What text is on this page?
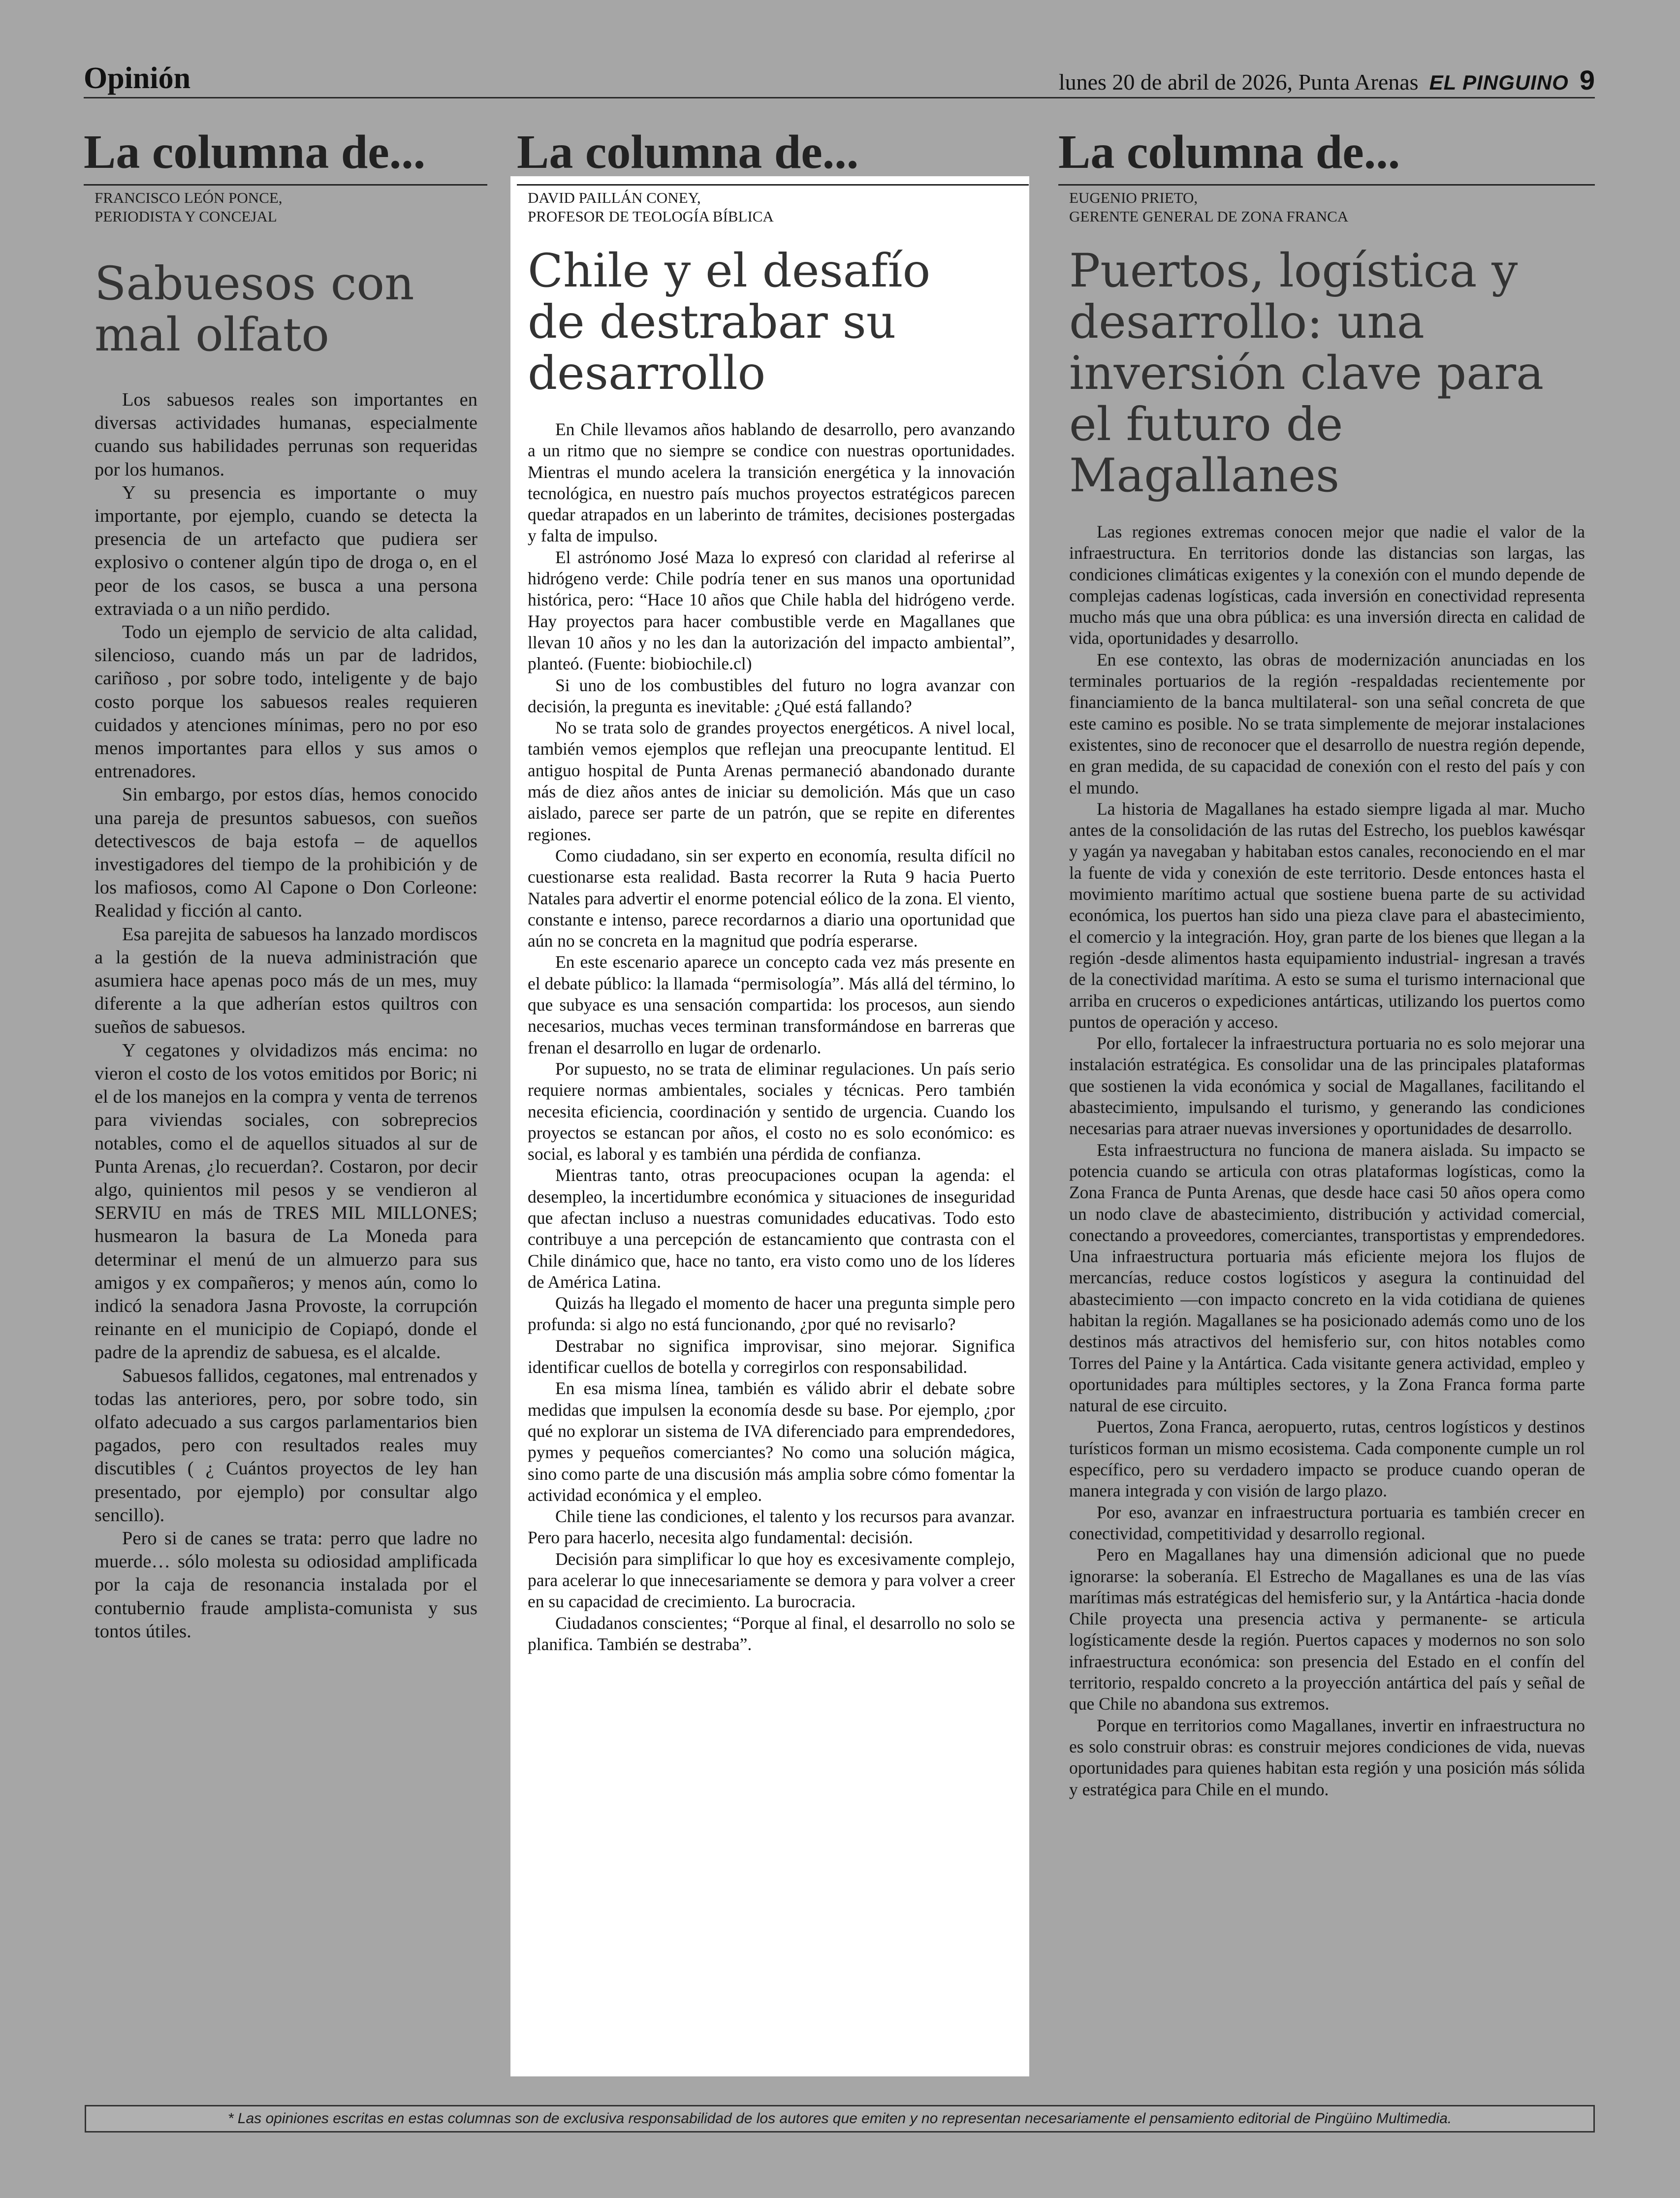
Opinión	lunes 20 de abril de 2026, Punta Arenas EL PINGUINO 9
La columna de...
FRANCISCO LEÓN PONCE,
PERIODISTA Y CONCEJAL
Sabuesos con mal olfato

Los sabuesos reales son importantes en diversas actividades humanas, especialmente cuando sus habilidades perrunas son requeridas por los humanos.

Y su presencia es importante o muy importante, por ejemplo, cuando se detecta la presencia de un artefacto que pudiera ser explosivo o contener algún tipo de droga o, en el peor de los casos, se busca a una persona extraviada o a un niño perdido.

Todo un ejemplo de servicio de alta calidad, silencioso, cuando más un par de ladridos, cariñoso , por sobre todo, inteligente y de bajo costo porque los sabuesos reales requieren cuidados y atenciones mínimas, pero no por eso menos importantes para ellos y sus amos o entrenadores.

Sin embargo, por estos días, hemos conocido una pareja de presuntos sabuesos, con sueños detectivescos de baja estofa – de aquellos investigadores del tiempo de la prohibición y de los mafiosos, como Al Capone o Don Corleone: Realidad y ficción al canto.

Esa parejita de sabuesos ha lanzado mordiscos a la gestión de la nueva administración que asumiera hace apenas poco más de un mes, muy diferente a la que adherían estos quiltros con sueños de sabuesos.

Y cegatones y olvidadizos más encima: no vieron el costo de los votos emitidos por Boric; ni el de los manejos en la compra y venta de terrenos para viviendas sociales, con sobreprecios notables, como el de aquellos situados al sur de Punta Arenas, ¿lo recuerdan?. Costaron, por decir algo, quinientos mil pesos y se vendieron al SERVIU en más de TRES MIL MILLONES; husmearon la basura de La Moneda para determinar el menú de un almuerzo para sus amigos y ex compañeros; y menos aún, como lo indicó la senadora Jasna Provoste, la corrupción reinante en el municipio de Copiapó, donde el padre de la aprendiz de sabuesa, es el alcalde.

Sabuesos fallidos, cegatones, mal entrenados y todas las anteriores, pero, por sobre todo, sin olfato adecuado a sus cargos parlamentarios bien pagados, pero con resultados reales muy discutibles ( ¿ Cuántos proyectos de ley han presentado, por ejemplo) por consultar algo sencillo).

Pero si de canes se trata: perro que ladre no muerde… sólo molesta su odiosidad amplificada por la caja de resonancia instalada por el contubernio fraude amplista-comunista y sus tontos útiles.

La columna de...
DAVID PAILLÁN CONEY,
PROFESOR DE TEOLOGÍA BÍBLICA
Chile y el desafío de destrabar su desarrollo

En Chile llevamos años hablando de desarrollo, pero avanzando a un ritmo que no siempre se condice con nuestras oportunidades. Mientras el mundo acelera la transición energética y la innovación tecnológica, en nuestro país muchos proyectos estratégicos parecen quedar atrapados en un laberinto de trámites, decisiones postergadas y falta de impulso.

El astrónomo José Maza lo expresó con claridad al referirse al hidrógeno verde: Chile podría tener en sus manos una oportunidad histórica, pero: “Hace 10 años que Chile habla del hidrógeno verde. Hay proyectos para hacer combustible verde en Magallanes que llevan 10 años y no les dan la autorización del impacto ambiental”, planteó. (Fuente: biobiochile.cl)

Si uno de los combustibles del futuro no logra avanzar con decisión, la pregunta es inevitable: ¿Qué está fallando?

No se trata solo de grandes proyectos energéticos. A nivel local, también vemos ejemplos que reflejan una preocupante lentitud. El antiguo hospital de Punta Arenas permaneció abandonado durante más de diez años antes de iniciar su demolición. Más que un caso aislado, parece ser parte de un patrón, que se repite en diferentes regiones.

Como ciudadano, sin ser experto en economía, resulta difícil no cuestionarse esta realidad. Basta recorrer la Ruta 9 hacia Puerto Natales para advertir el enorme potencial eólico de la zona. El viento, constante e intenso, parece recordarnos a diario una oportunidad que aún no se concreta en la magnitud que podría esperarse.

En este escenario aparece un concepto cada vez más presente en el debate público: la llamada “permisología”. Más allá del término, lo que subyace es una sensación compartida: los procesos, aun siendo necesarios, muchas veces terminan transformándose en barreras que frenan el desarrollo en lugar de ordenarlo.

Por supuesto, no se trata de eliminar regulaciones. Un país serio requiere normas ambientales, sociales y técnicas. Pero también necesita eficiencia, coordinación y sentido de urgencia. Cuando los proyectos se estancan por años, el costo no es solo económico: es social, es laboral y es también una pérdida de confianza.

Mientras tanto, otras preocupaciones ocupan la agenda: el desempleo, la incertidumbre económica y situaciones de inseguridad que afectan incluso a nuestras comunidades educativas. Todo esto contribuye a una percepción de estancamiento que contrasta con el Chile dinámico que, hace no tanto, era visto como uno de los líderes de América Latina.

Quizás ha llegado el momento de hacer una pregunta simple pero profunda: si algo no está funcionando, ¿por qué no revisarlo?

Destrabar no significa improvisar, sino mejorar. Significa identificar cuellos de botella y corregirlos con responsabilidad.

En esa misma línea, también es válido abrir el debate sobre medidas que impulsen la economía desde su base. Por ejemplo, ¿por qué no explorar un sistema de IVA diferenciado para emprendedores, pymes y pequeños comerciantes? No como una solución mágica, sino como parte de una discusión más amplia sobre cómo fomentar la actividad económica y el empleo.

Chile tiene las condiciones, el talento y los recursos para avanzar. Pero para hacerlo, necesita algo fundamental: decisión.

Decisión para simplificar lo que hoy es excesivamente complejo, para acelerar lo que innecesariamente se demora y para volver a creer en su capacidad de crecimiento. La burocracia.

Ciudadanos conscientes; “Porque al final, el desarrollo no solo se planifica. También se destraba”.

La columna de...
EUGENIO PRIETO,
GERENTE GENERAL DE ZONA FRANCA
Puertos, logística y desarrollo: una inversión clave para el futuro de Magallanes

Las regiones extremas conocen mejor que nadie el valor de la infraestructura. En territorios donde las distancias son largas, las condiciones climáticas exigentes y la conexión con el mundo depende de complejas cadenas logísticas, cada inversión en conectividad representa mucho más que una obra pública: es una inversión directa en calidad de vida, oportunidades y desarrollo.

En ese contexto, las obras de modernización anunciadas en los terminales portuarios de la región -respaldadas recientemente por financiamiento de la banca multilateral- son una señal concreta de que este camino es posible. No se trata simplemente de mejorar instalaciones existentes, sino de reconocer que el desarrollo de nuestra región depende, en gran medida, de su capacidad de conexión con el resto del país y con el mundo.

La historia de Magallanes ha estado siempre ligada al mar. Mucho antes de la consolidación de las rutas del Estrecho, los pueblos kawésqar y yagán ya navegaban y habitaban estos canales, reconociendo en el mar la fuente de vida y conexión de este territorio. Desde entonces hasta el movimiento marítimo actual que sostiene buena parte de su actividad económica, los puertos han sido una pieza clave para el abastecimiento, el comercio y la integración. Hoy, gran parte de los bienes que llegan a la región -desde alimentos hasta equipamiento industrial- ingresan a través de la conectividad marítima. A esto se suma el turismo internacional que arriba en cruceros o expediciones antárticas, utilizando los puertos como puntos de operación y acceso.

Por ello, fortalecer la infraestructura portuaria no es solo mejorar una instalación estratégica. Es consolidar una de las principales plataformas que sostienen la vida económica y social de Magallanes, facilitando el abastecimiento, impulsando el turismo, y generando las condiciones necesarias para atraer nuevas inversiones y oportunidades de desarrollo.

Esta infraestructura no funciona de manera aislada. Su impacto se potencia cuando se articula con otras plataformas logísticas, como la Zona Franca de Punta Arenas, que desde hace casi 50 años opera como un nodo clave de abastecimiento, distribución y actividad comercial, conectando a proveedores, comerciantes, transportistas y emprendedores. Una infraestructura portuaria más eficiente mejora los flujos de mercancías, reduce costos logísticos y asegura la continuidad del abastecimiento —con impacto concreto en la vida cotidiana de quienes habitan la región. Magallanes se ha posicionado además como uno de los destinos más atractivos del hemisferio sur, con hitos notables como Torres del Paine y la Antártica. Cada visitante genera actividad, empleo y oportunidades para múltiples sectores, y la Zona Franca forma parte natural de ese circuito.

Puertos, Zona Franca, aeropuerto, rutas, centros logísticos y destinos turísticos forman un mismo ecosistema. Cada componente cumple un rol específico, pero su verdadero impacto se produce cuando operan de manera integrada y con visión de largo plazo.

Por eso, avanzar en infraestructura portuaria es también crecer en conectividad, competitividad y desarrollo regional.

Pero en Magallanes hay una dimensión adicional que no puede ignorarse: la soberanía. El Estrecho de Magallanes es una de las vías marítimas más estratégicas del hemisferio sur, y la Antártica -hacia donde Chile proyecta una presencia activa y permanente- se articula logísticamente desde la región. Puertos capaces y modernos no son solo infraestructura económica: son presencia del Estado en el confín del territorio, respaldo concreto a la proyección antártica del país y señal de que Chile no abandona sus extremos.

Porque en territorios como Magallanes, invertir en infraestructura no es solo construir obras: es construir mejores condiciones de vida, nuevas oportunidades para quienes habitan esta región y una posición más sólida y estratégica para Chile en el mundo.

* Las opiniones escritas en estas columnas son de exclusiva responsabilidad de los autores que emiten y no representan necesariamente el pensamiento editorial de Pingüino Multimedia.
